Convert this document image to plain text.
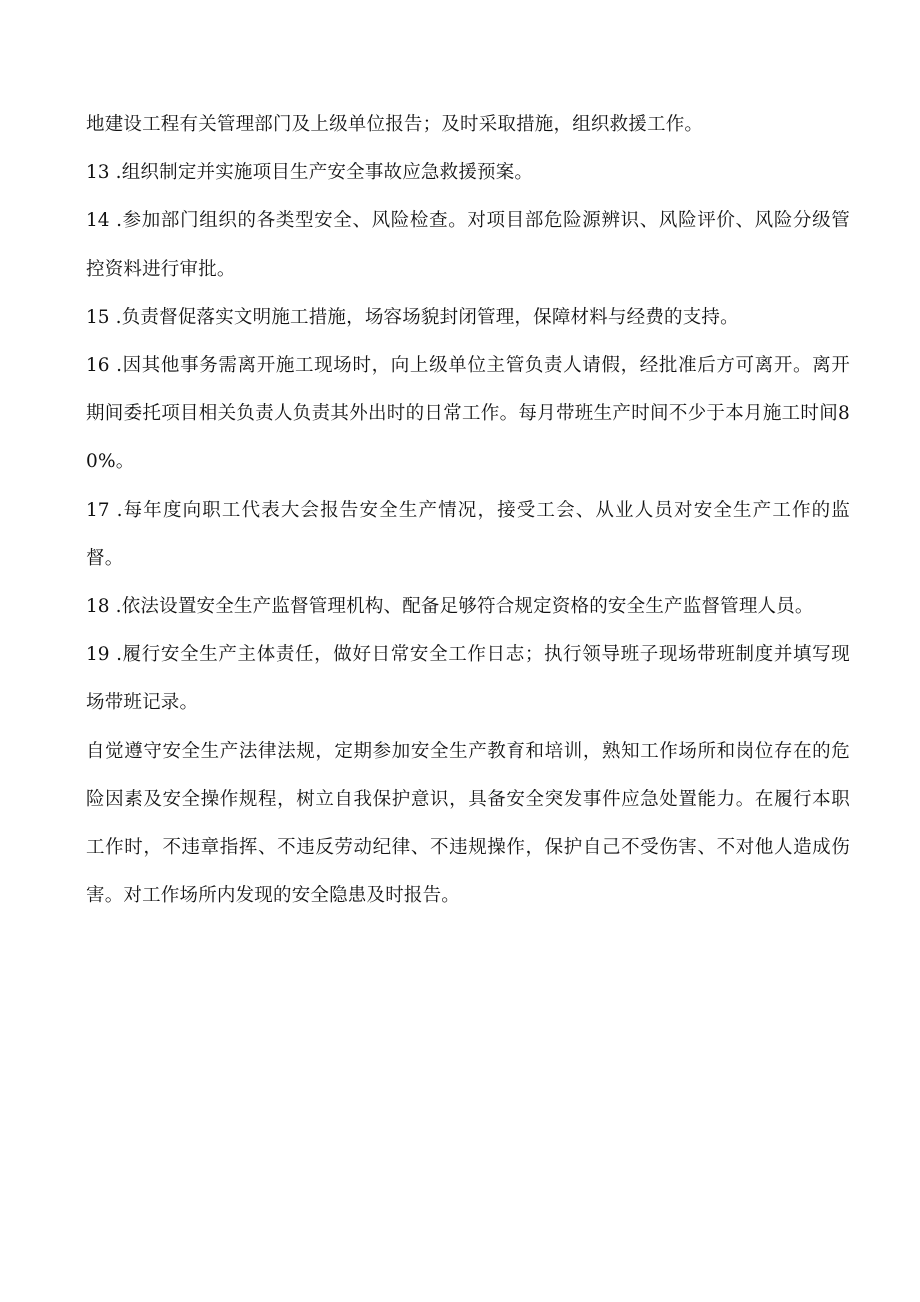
地建设工程有关管理部门及上级单位报告；及时采取措施，组织救援工作。

13 .组织制定并实施项目生产安全事故应急救援预案。

14 .参加部门组织的各类型安全、风险检查。对项目部危险源辨识、风险评价、风险分级管控资料进行审批。

15 .负责督促落实文明施工措施，场容场貌封闭管理，保障材料与经费的支持。

16 .因其他事务需离开施工现场时，向上级单位主管负责人请假，经批准后方可离开。离开期间委托项目相关负责人负责其外出时的日常工作。每月带班生产时间不少于本月施工时间80%。

17 .每年度向职工代表大会报告安全生产情况，接受工会、从业人员对安全生产工作的监督。

18 .依法设置安全生产监督管理机构、配备足够符合规定资格的安全生产监督管理人员。

19 .履行安全生产主体责任，做好日常安全工作日志；执行领导班子现场带班制度并填写现场带班记录。

自觉遵守安全生产法律法规，定期参加安全生产教育和培训，熟知工作场所和岗位存在的危险因素及安全操作规程，树立自我保护意识，具备安全突发事件应急处置能力。在履行本职工作时，不违章指挥、不违反劳动纪律、不违规操作，保护自己不受伤害、不对他人造成伤害。对工作场所内发现的安全隐患及时报告。
